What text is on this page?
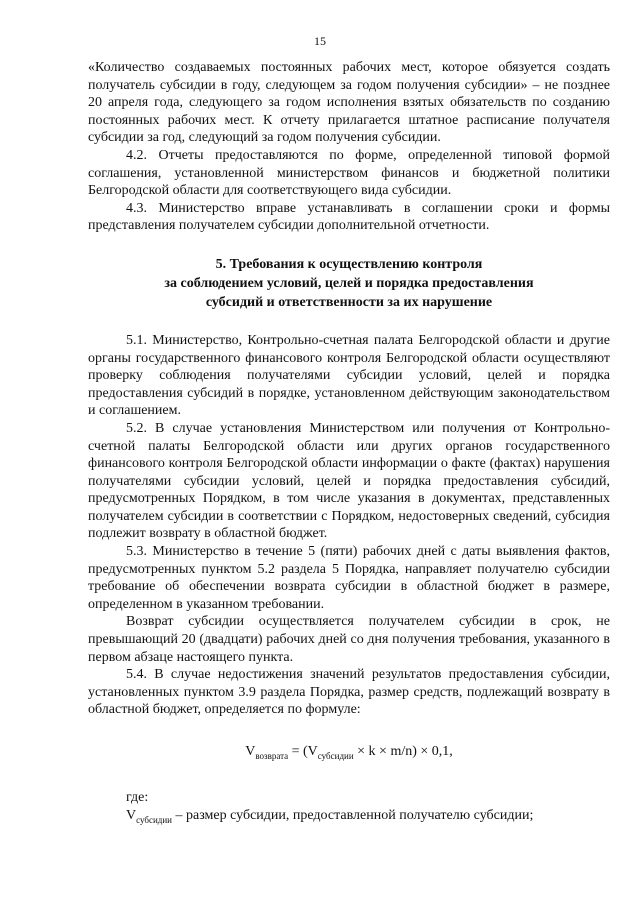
15

«Количество создаваемых постоянных рабочих мест, которое обязуется создать получатель субсидии в году, следующем за годом получения субсидии» – не позднее 20 апреля года, следующего за годом исполнения взятых обязательств по созданию постоянных рабочих мест. К отчету прилагается штатное расписание получателя субсидии за год, следующий за годом получения субсидии.

4.2. Отчеты предоставляются по форме, определенной типовой формой соглашения, установленной министерством финансов и бюджетной политики Белгородской области для соответствующего вида субсидии.

4.3. Министерство вправе устанавливать в соглашении сроки и формы представления получателем субсидии дополнительной отчетности.

5. Требования к осуществлению контроля
за соблюдением условий, целей и порядка предоставления
субсидий и ответственности за их нарушение

5.1. Министерство, Контрольно-счетная палата Белгородской области и другие органы государственного финансового контроля Белгородской области осуществляют проверку соблюдения получателями субсидии условий, целей и порядка предоставления субсидий в порядке, установленном действующим законодательством и соглашением.

5.2. В случае установления Министерством или получения от Контрольно-счетной палаты Белгородской области или других органов государственного финансового контроля Белгородской области информации о факте (фактах) нарушения получателями субсидии условий, целей и порядка предоставления субсидий, предусмотренных Порядком, в том числе указания в документах, представленных получателем субсидии в соответствии с Порядком, недостоверных сведений, субсидия подлежит возврату в областной бюджет.

5.3. Министерство в течение 5 (пяти) рабочих дней с даты выявления фактов, предусмотренных пунктом 5.2 раздела 5 Порядка, направляет получателю субсидии требование об обеспечении возврата субсидии в областной бюджет в размере, определенном в указанном требовании.

Возврат субсидии осуществляется получателем субсидии в срок, не превышающий 20 (двадцати) рабочих дней со дня получения требования, указанного в первом абзаце настоящего пункта.

5.4. В случае недостижения значений результатов предоставления субсидии, установленных пунктом 3.9 раздела Порядка, размер средств, подлежащий возврату в областной бюджет, определяется по формуле:

$V_{возврата} = (V_{субсидии} \times k \times m/n) \times 0,1$,

где:

$V_{субсидии}$ – размер субсидии, предоставленной получателю субсидии;
